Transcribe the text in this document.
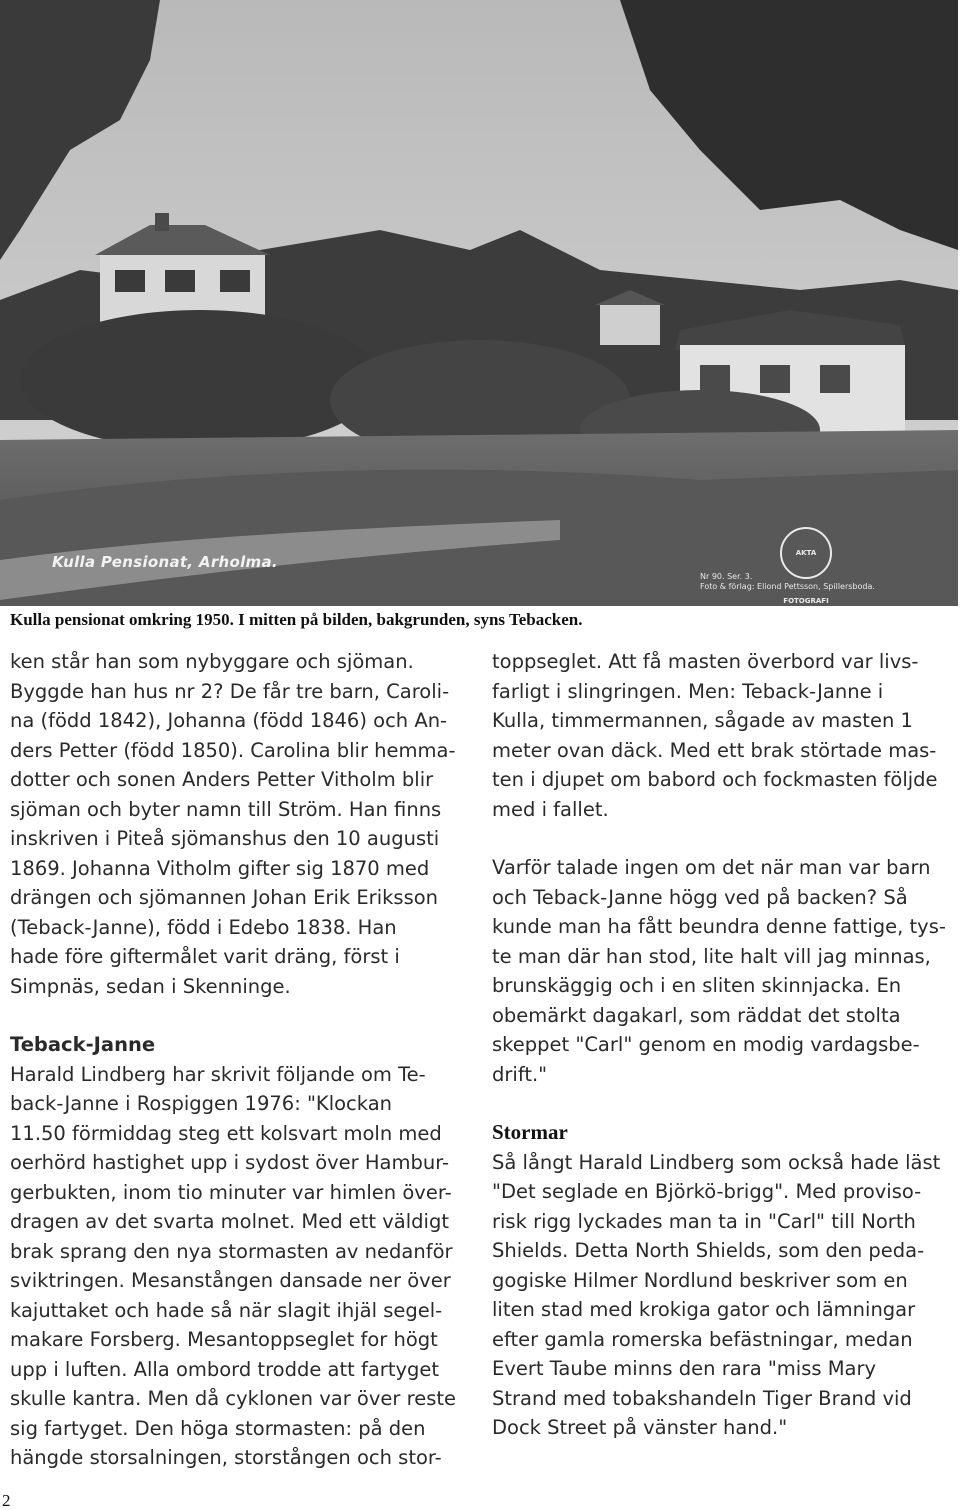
Kulla Pensionat, Arholma.	AKTA FOTOGRAFI
Nr 90. Ser. 3.
Foto & förlag: Eliond Pettsson, Spillersboda.
Kulla pensionat omkring 1950. I mitten på bilden, bakgrunden, syns Tebacken.

ken står han som nybyggare och sjöman.
Byggde han hus nr 2? De får tre barn, Caroli-
na (född 1842), Johanna (född 1846) och An-
ders Petter (född 1850). Carolina blir hemma-
dotter och sonen Anders Petter Vitholm blir
sjöman och byter namn till Ström. Han finns
inskriven i Piteå sjömanshus den 10 augusti
1869. Johanna Vitholm gifter sig 1870 med
drängen och sjömannen Johan Erik Eriksson
(Teback-Janne), född i Edebo 1838. Han
hade före giftermålet varit dräng, först i
Simpnäs, sedan i Skenninge.

Teback-Janne

Harald Lindberg har skrivit följande om Te-
back-Janne i Rospiggen 1976: "Klockan
11.50 förmiddag steg ett kolsvart moln med
oerhörd hastighet upp i sydost över Hambur-
gerbukten, inom tio minuter var himlen över-
dragen av det svarta molnet. Med ett väldigt
brak sprang den nya stormasten av nedanför
sviktringen. Mesanstången dansade ner över
kajuttaket och hade så när slagit ihjäl segel-
makare Forsberg. Mesantoppseglet for högt
upp i luften. Alla ombord trodde att fartyget
skulle kantra. Men då cyklonen var över reste
sig fartyget. Den höga stormasten: på den
hängde storsalningen, storstången och stor-

toppseglet. Att få masten överbord var livs-
farligt i slingringen. Men: Teback-Janne i
Kulla, timmermannen, sågade av masten 1
meter ovan däck. Med ett brak störtade mas-
ten i djupet om babord och fockmasten följde
med i fallet.

Varför talade ingen om det när man var barn
och Teback-Janne högg ved på backen? Så
kunde man ha fått beundra denne fattige, tys-
te man där han stod, lite halt vill jag minnas,
brunskäggig och i en sliten skinnjacka. En
obemärkt dagakarl, som räddat det stolta
skeppet "Carl" genom en modig vardagsbe-
drift."

Stormar

Så långt Harald Lindberg som också hade läst
"Det seglade en Björkö-brigg". Med proviso-
risk rigg lyckades man ta in "Carl" till North
Shields. Detta North Shields, som den peda-
gogiske Hilmer Nordlund beskriver som en
liten stad med krokiga gator och lämningar
efter gamla romerska befästningar, medan
Evert Taube minns den rara "miss Mary
Strand med tobakshandeln Tiger Brand vid
Dock Street på vänster hand."

2
